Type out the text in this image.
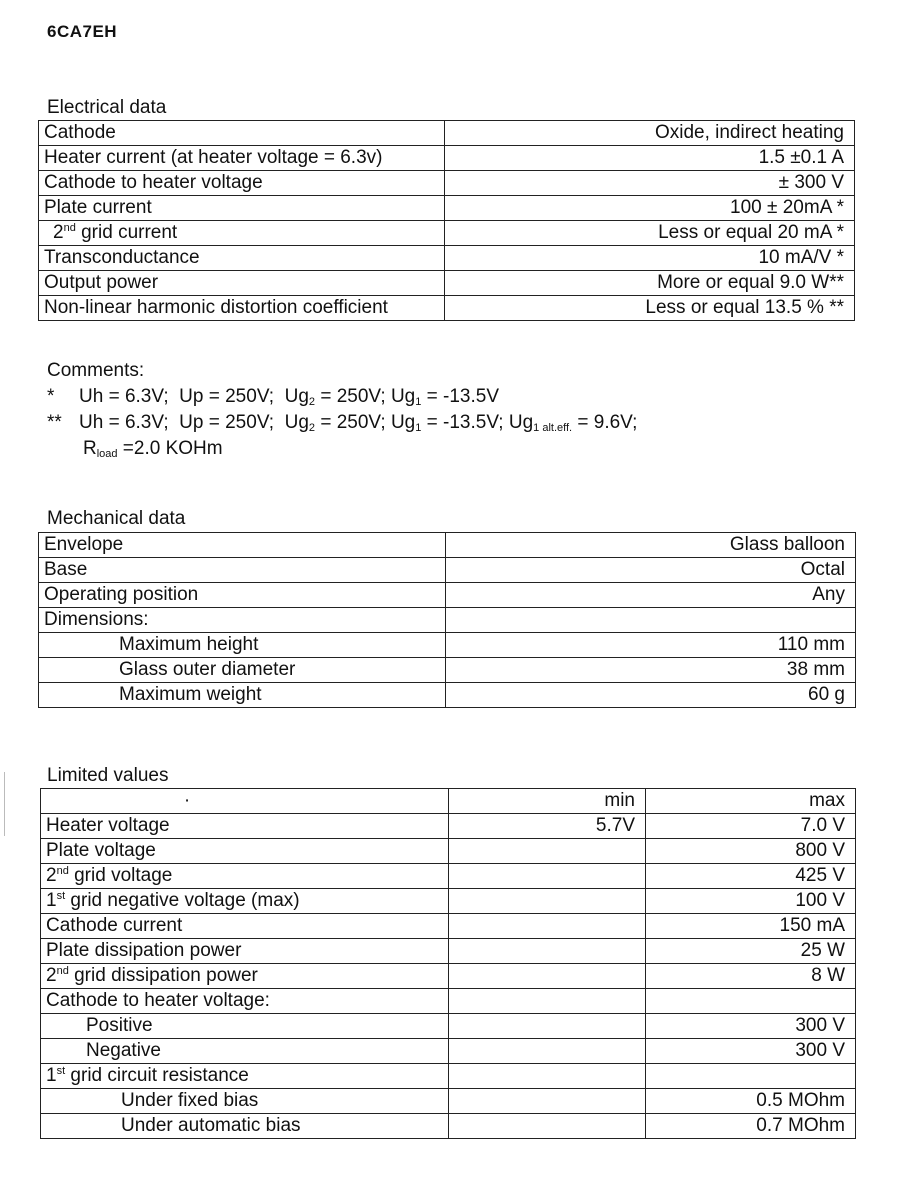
6CA7EH
Electrical data
Cathode	Oxide, indirect heating
Heater current (at heater voltage = 6.3v)	1.5 ±0.1 A
Cathode to heater voltage	± 300 V
Plate current	100 ± 20mA *
2nd grid current	Less or equal 20 mA *
Transconductance	10 mA/V *
Output power	More or equal 9.0 W**
Non-linear harmonic distortion coefficient	Less or equal 13.5 % **
Comments:
* Uh = 6.3V; Up = 250V; $Ug_2 = 250V$; $Ug_1 = -13.5V$
** Uh = 6.3V; Up = 250V; $Ug_2 = 250V$; $Ug_1 = -13.5V$; $Ug_{1 alt.eff.} = 9.6V$;
$R_{load} =2.0$ KOHm
Mechanical data
Envelope	Glass balloon
Base	Octal
Operating position	Any
Dimensions:	
Maximum height	110 mm
Glass outer diameter	38 mm
Maximum weight	60 g
Limited values
·	min	max
Heater voltage	5.7V	7.0 V
Plate voltage		800 V
2nd grid voltage		425 V
1st grid negative voltage (max)		100 V
Cathode current		150 mA
Plate dissipation power		25 W
2nd grid dissipation power		8 W
Cathode to heater voltage:		
Positive		300 V
Negative		300 V
1st grid circuit resistance		
Under fixed bias		0.5 MOhm
Under automatic bias		0.7 MOhm
